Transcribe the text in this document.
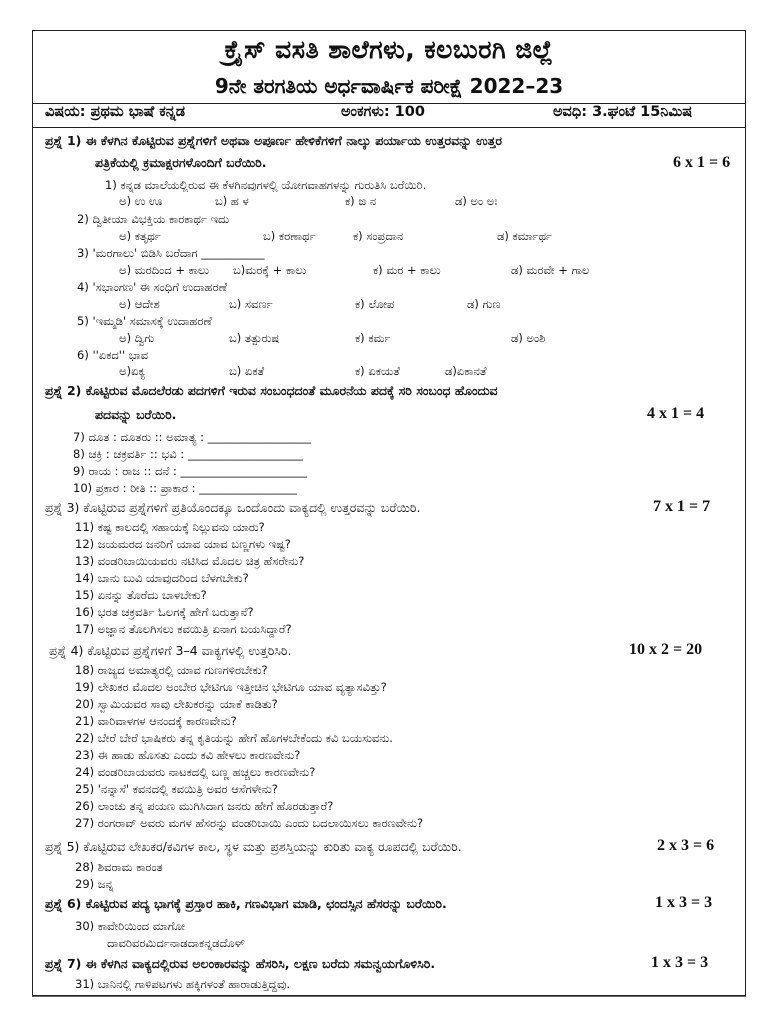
ಕ್ರೈಸ್ ವಸತಿ ಶಾಲೆಗಳು, ಕಲಬುರಗಿ ಜಿಲ್ಲೆ
9ನೇ ತರಗತಿಯ ಅರ್ಧವಾರ್ಷಿಕ ಪರೀಕ್ಷೆ 2022–23
ವಿಷಯ: ಪ್ರಥಮ ಭಾಷೆ ಕನ್ನಡ	ಅಂಕಗಳು: 100	ಅವಧಿ: 3.ಘಂಟೆ 15ನಿಮಿಷ
ಪ್ರಶ್ನೆ 1) ಈ ಕೆಳಗಿನ ಕೊಟ್ಟಿರುವ ಪ್ರಶ್ನೆಗಳಿಗೆ ಅಥವಾ ಅಪೂರ್ಣ ಹೇಳಿಕೆಗಳಿಗೆ ನಾಲ್ಕು ಪರ್ಯಾಯ ಉತ್ತರವನ್ನು ಉತ್ತರ
ಪತ್ರಿಕೆಯಲ್ಲಿ ಕ್ರಮಾಕ್ಷರಗಳೊಂದಿಗೆ ಬರೆಯಿರಿ.	6 x 1 = 6
1) ಕನ್ನಡ ಮಾಲೆಯಲ್ಲಿರುವ ಈ ಕೆಳಗಿನವುಗಳಲ್ಲಿ ಯೋಗವಾಹಗಳನ್ನು ಗುರುತಿಸಿ ಬರೆಯಿರಿ.
ಅ) ಉ ಊ	ಬ) ಹ ಳ	ಕ) ಙ ನ	ಡ) ಅಂ ಅಃ
2) ದ್ವಿತೀಯಾ ವಿಭಕ್ತಿಯ ಕಾರಕಾರ್ಥ ಇದು
ಅ) ಕತೃರ್ಥ	ಬ) ಕರಣಾರ್ಥ	ಕ) ಸಂಪ್ರದಾನ	ಡ) ಕರ್ಮಾರ್ಥ
3) 'ಮರಗಾಲು' ಬಿಡಿಸಿ ಬರೆದಾಗ ___________
ಅ) ಮರದಿಂದ + ಕಾಲು ಬ)ಮರಕ್ಕೆ + ಕಾಲು	ಕ) ಮರ + ಕಾಲು	ಡ) ಮರವೇ + ಗಾಲ
4) 'ಸಭಾಂಗಣ' ಈ ಸಂಧಿಗೆ ಉದಾಹರಣೆ
ಅ) ಆದೇಶ	ಬ) ಸವರ್ಣ	ಕ) ಲೋಪ	ಡ) ಗುಣ
5) 'ಇಮ್ಮಡಿ' ಸಮಾಸಕ್ಕೆ ಉದಾಹರಣೆ
ಅ) ದ್ವಿಗು	ಬ) ತತ್ಪುರುಷ	ಕ) ಕರ್ಮ	ಡ) ಅಂಶಿ
6) ''ಏಕದ'' ಭಾವ
ಅ)ಏಕ್ಯ	ಬ) ಏಕತೆ	ಕ) ಏಕಯತೆ	ಡ)ಏಕಾನತೆ
ಪ್ರಶ್ನೆ 2) ಕೊಟ್ಟಿರುವ ಮೊದಲೆರಡು ಪದಗಳಿಗೆ ಇರುವ ಸಂಬಂಧದಂತೆ ಮೂರನೆಯ ಪದಕ್ಕೆ ಸರಿ ಸಂಬಂಧ ಹೊಂದುವ
ಪದವನ್ನು ಬರೆಯಿರಿ.	4 x 1 = 4
7) ದೂತ : ದೂತರು :: ಅಮಾತ್ಯ : __________________
8) ಚಕ್ರಿ : ಚಕ್ರವರ್ತಿ :: ಭವಿ : ____________________
9) ರಾಯ : ರಾಜ :: ದನೆ : ______________________
10) ಪ್ರಕಾರ : ರೀತಿ :: ಪ್ರಾಕಾರ : _________________
ಪ್ರಶ್ನೆ 3) ಕೊಟ್ಟಿರುವ ಪ್ರಶ್ನೆಗಳಿಗೆ ಪ್ರತಿಯೊಂದಕ್ಕೂ ಒಂದೊಂದು ವಾಕ್ಯದಲ್ಲಿ ಉತ್ತರವನ್ನು ಬರೆಯಿರಿ.	7 x 1 = 7
11) ಕಷ್ಟ ಕಾಲದಲ್ಲಿ ಸಹಾಯಕ್ಕೆ ನಿಲ್ಲುವನು ಯಾರು?
12) ಜಯಮರದ ಜನರಿಗೆ ಯಾವ ಯಾವ ಬಣ್ಣಗಳು ಇಷ್ಟ?
13) ವಂಡರಿಬಾಯಿಯವರು ನಟಿಸಿದ ಮೊದಲ ಚಿತ್ರ ಹೆಸರೇನು?
14) ಬಾನು ಬುವಿ ಯಾವುದರಿಂದ ಬೆಳಗಬೇಕು?
15) ಏನನ್ನು ತೊರೆದು ಬಾಳಬೇಕು?
16) ಭರತ ಚಕ್ರವರ್ತಿ ಓಲಗಕ್ಕೆ ಹೇಗೆ ಬರುತ್ತಾನೆ?
17) ಅಜ್ಞಾನ ತೊಲಗಿಸಲು ಕವಯಿತ್ರಿ ಏನಾಗ ಬಯಸಿದ್ದಾರೆ?
ಪ್ರಶ್ನೆ 4) ಕೊಟ್ಟಿರುವ ಪ್ರಶ್ನೆಗಳಿಗೆ 3–4 ವಾಕ್ಯಗಳಲ್ಲಿ ಉತ್ತರಿಸಿರಿ.	10 x 2 = 20
18) ರಾಜ್ಯದ ಅಮಾತ್ಯರಲ್ಲಿ ಯಾವ ಗುಣಗಳಿರಬೇಕು?
19) ಲೇಖಕರ ಮೊದಲ ಅಂಬೇರ ಭೇಟಿಗೂ ಇತ್ತೀಚಿನ ಭೇಟಿಗೂ ಯಾವ ವ್ಯತ್ಯಾಸವಿತ್ತು?
20) ಸ್ವಾಮಿಯವರ ಸಾವು ಲೇಖಕರನ್ನು ಯಾಕೆ ಕಾಡಿತು?
21) ವಾರಿವಾಳಗಳ ಆನಂದಕ್ಕೆ ಕಾರಣವೇನು?
22) ಬೇರೆ ಬೇರೆ ಭಾಷಿಕರು ತನ್ನ ಕೃತಿಯನ್ನು ಹೇಗೆ ಹೊಗಳಬೇಕೆಂದು ಕವಿ ಬಯಸುವನು.
23) ಈ ಹಾಡು ಹೊಸತು ಎಂದು ಕವಿ ಹೇಳಲು ಕಾರಣವೇನು?
24) ವಂಡರಿಬಾಯವರು ನಾಟಕದಲ್ಲಿ ಬಣ್ಣ ಹಚ್ಚಲು ಕಾರಣವೇನು?
25) 'ನನ್ನಾಸೆ' ಕವನದಲ್ಲಿ ಕವಯಿತ್ರಿ ಅವರ ಆಸೆಗಳೇನು?
26) ಲಾಂಚು ತನ್ನ ಪಯಣ ಮುಗಿಸಿದಾಗ ಜನರು ಹೇಗೆ ಹೊರಡುತ್ತಾರೆ?
27) ರಂಗರಾವ್ ಅವರು ಮಗಳ ಹೆಸರನ್ನು ವಂಡರಿಬಾಯಿ ಎಂದು ಬದಲಾಯಿಸಲು ಕಾರಣವೇನು?
ಪ್ರಶ್ನೆ 5) ಕೊಟ್ಟಿರುವ ಲೇಖಕರ/ಕವಿಗಳ ಕಾಲ, ಸ್ಥಳ ಮತ್ತು ಪ್ರಶಸ್ತಿಯನ್ನು ಕುರಿತು ವಾಕ್ಯ ರೂಪದಲ್ಲಿ ಬರೆಯಿರಿ.	2 x 3 = 6
28) ಶಿವರಾಮ ಕಾರಂತ
29) ಜನ್ನ
ಪ್ರಶ್ನೆ 6) ಕೊಟ್ಟಿರುವ ಪದ್ಯ ಭಾಗಕ್ಕೆ ಪ್ರಸ್ತಾರ ಹಾಕಿ, ಗಣವಿಭಾಗ ಮಾಡಿ, ಛಂದಸ್ಸಿನ ಹೆಸರನ್ನು ಬರೆಯಿರಿ.	1 x 3 = 3
30) ಕಾವೇರಿಯಿಂದ ಮಾಗೋ
ದಾವರಿವರಮಿರ್ದನಾಡದಾಕನ್ನಡದೊಳ್
ಪ್ರಶ್ನೆ 7) ಈ ಕೆಳಗಿನ ವಾಕ್ಯದಲ್ಲಿರುವ ಅಲಂಕಾರವನ್ನು ಹೆಸರಿಸಿ, ಲಕ್ಷಣ ಬರೆದು ಸಮನ್ವಯಗೊಳಿಸಿರಿ.	1 x 3 = 3
31) ಬಾನಿನಲ್ಲಿ ಗಾಳಿಪಟಗಳು ಹಕ್ಕಿಗಳಂತೆ ಹಾರಾಡುತ್ತಿದ್ದವು.
